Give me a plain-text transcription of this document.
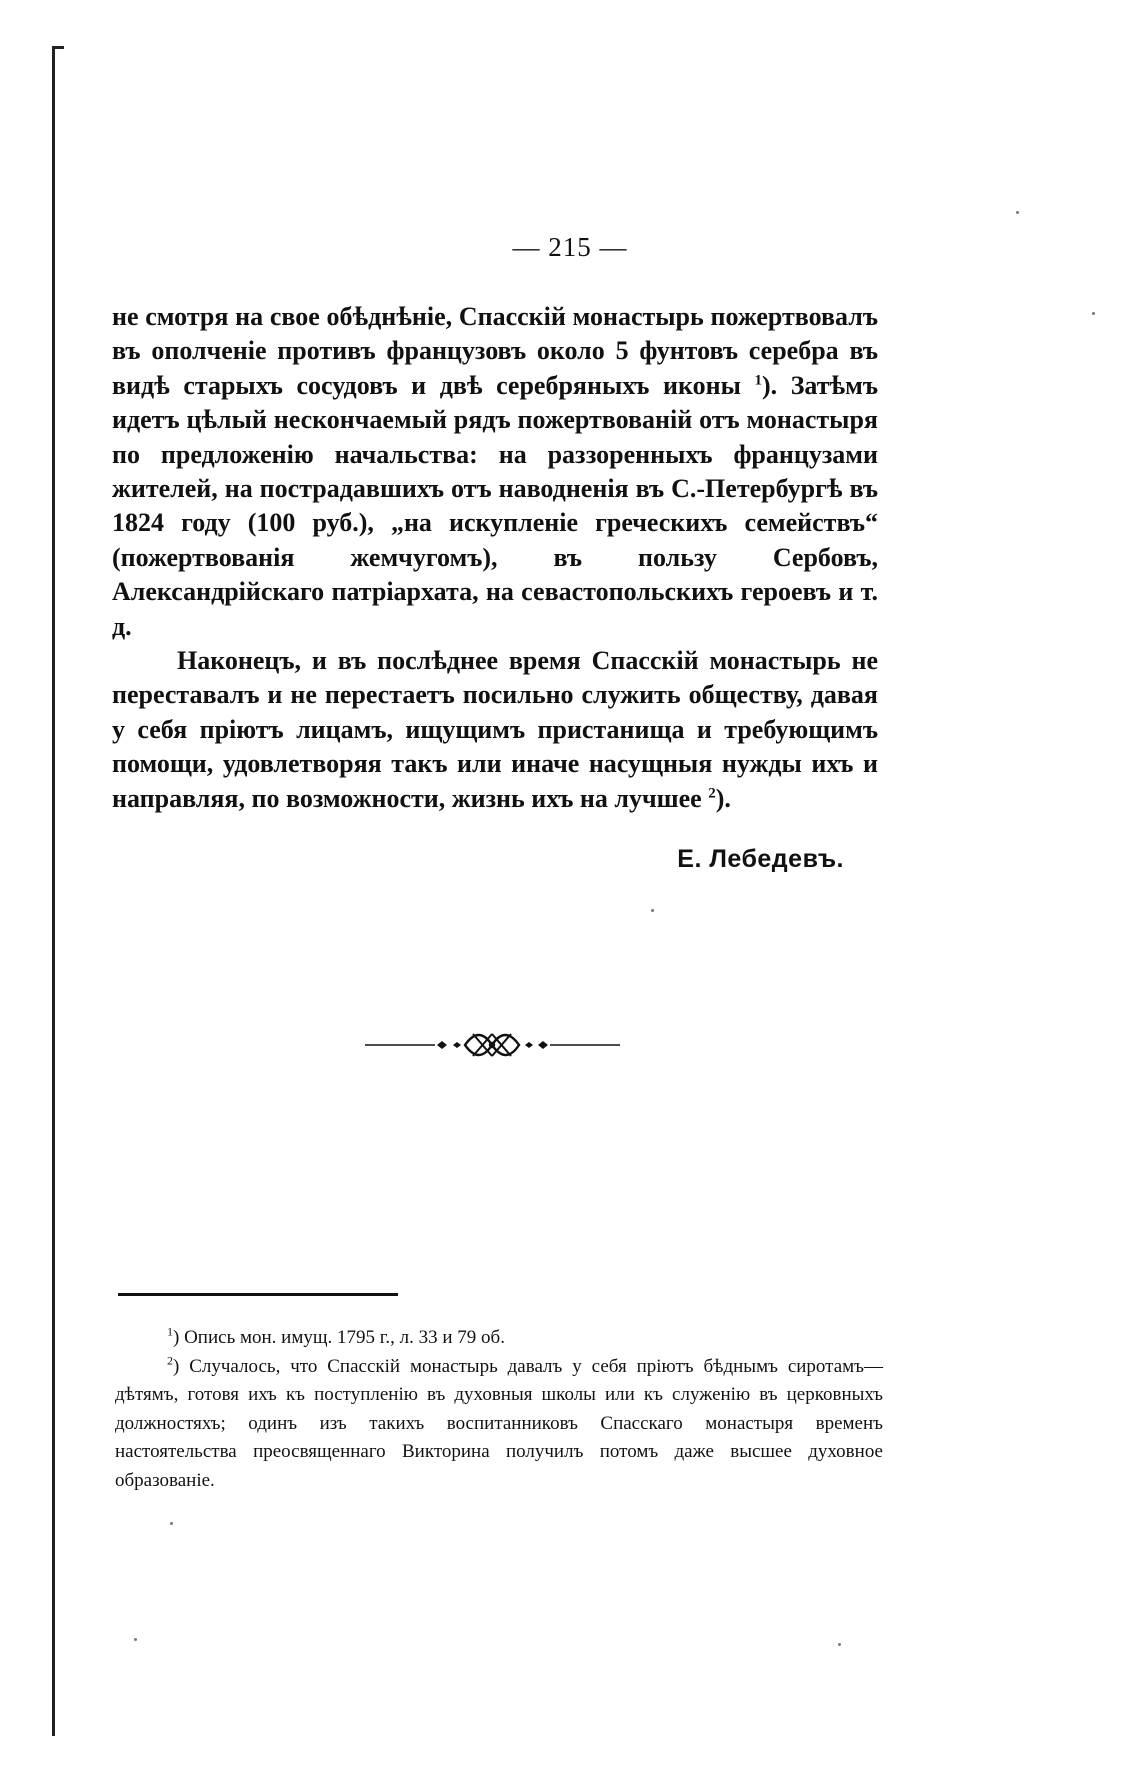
— 215 —

не смотря на свое обѣднѣніе, Спасскій монастырь пожертвовалъ въ ополченіе противъ французовъ около 5 фунтовъ серебра въ видѣ старыхъ сосудовъ и двѣ серебряныхъ иконы $^1$). Затѣмъ идетъ цѣлый нескончаемый рядъ пожертвованій отъ монастыря по предложенію начальства: на раззоренныхъ французами жителей, на пострадавшихъ отъ наводненія въ С.-Петербургѣ въ 1824 году (100 руб.), „на искупленіе греческихъ семействъ“ (пожертвованія жемчугомъ), въ пользу Сербовъ, Александрійскаго патріархата, на севастопольскихъ героевъ и т. д.

Наконецъ, и въ послѣднее время Спасскій монастырь не переставалъ и не перестаетъ посильно служить обществу, давая у себя пріютъ лицамъ, ищущимъ пристанища и требующимъ помощи, удовлетворяя такъ или иначе насущныя нужды ихъ и направляя, по возможности, жизнь ихъ на лучшее $^2$).

Е. Лебедевъ.

$^1$) Опись мон. имущ. 1795 г., л. 33 и 79 об.

$^2$) Случалось, что Спасскій монастырь давалъ у себя пріютъ бѣднымъ сиротамъ—дѣтямъ, готовя ихъ къ поступленію въ духовныя школы или къ служенію въ церковныхъ должностяхъ; одинъ изъ такихъ воспитанниковъ Спасскаго монастыря временъ настоятельства преосвященнаго Викторина получилъ потомъ даже высшее духовное образованіе.
